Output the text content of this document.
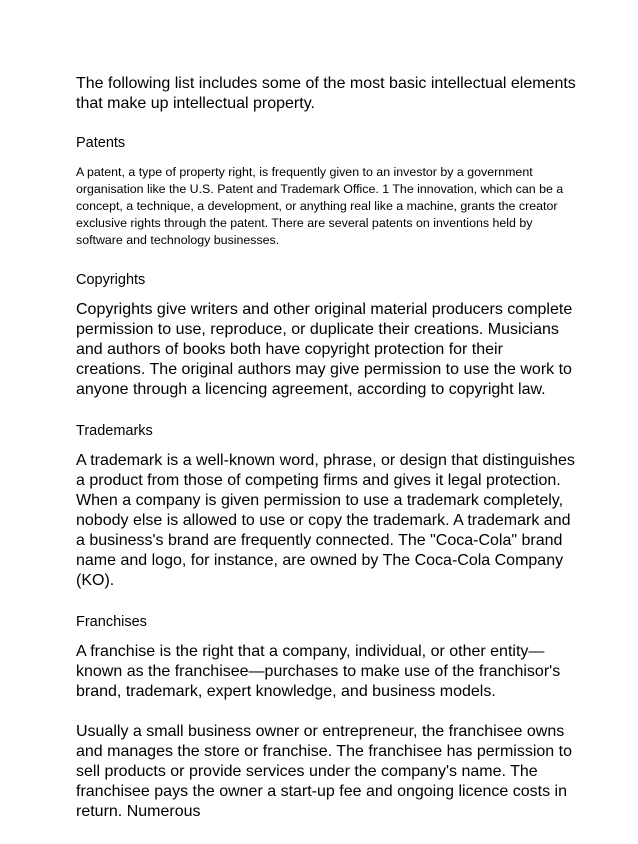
The following list includes some of the most basic intellectual elements that make up intellectual property.

Patents

A patent, a type of property right, is frequently given to an investor by a government organisation like the U.S. Patent and Trademark Office. 1 The innovation, which can be a concept, a technique, a development, or anything real like a machine, grants the creator exclusive rights through the patent. There are several patents on inventions held by software and technology businesses.

Copyrights

Copyrights give writers and other original material producers complete permission to use, reproduce, or duplicate their creations. Musicians and authors of books both have copyright protection for their creations. The original authors may give permission to use the work to anyone through a licencing agreement, according to copyright law.

Trademarks

A trademark is a well-known word, phrase, or design that distinguishes a product from those of competing firms and gives it legal protection. When a company is given permission to use a trademark completely, nobody else is allowed to use or copy the trademark. A trademark and a business's brand are frequently connected. The "Coca-Cola" brand name and logo, for instance, are owned by The Coca-Cola Company (KO).

Franchises

A franchise is the right that a company, individual, or other entity—known as the franchisee—purchases to make use of the franchisor's brand, trademark, expert knowledge, and business models.

Usually a small business owner or entrepreneur, the franchisee owns and manages the store or franchise. The franchisee has permission to sell products or provide services under the company's name. The franchisee pays the owner a start-up fee and ongoing licence costs in return. Numerous
